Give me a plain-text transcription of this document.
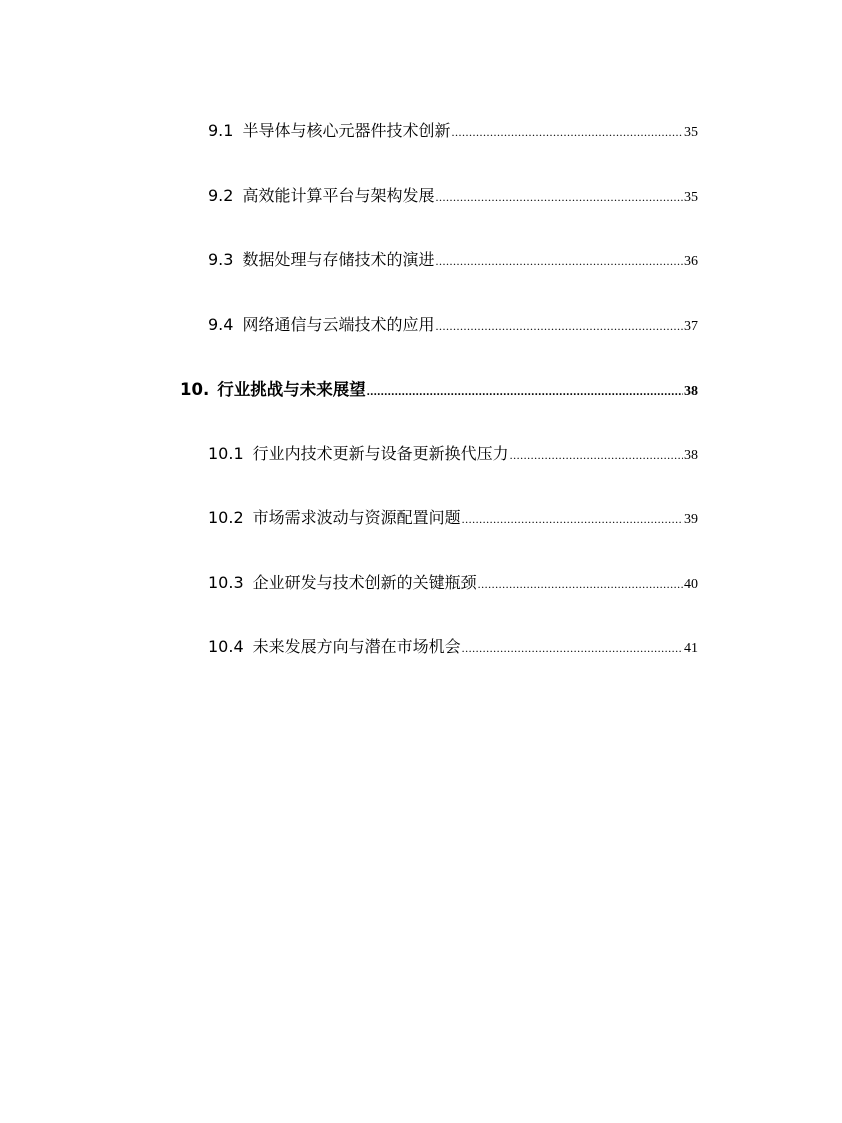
9.1 半导体与核心元器件技术创新 .....	35
9.2 高效能计算平台与架构发展 .....	35
9.3 数据处理与存储技术的演进 .....	36
9.4 网络通信与云端技术的应用 .....	37
10. 行业挑战与未来展望 .....	38
10.1 行业内技术更新与设备更新换代压力 .....	38
10.2 市场需求波动与资源配置问题 .....	39
10.3 企业研发与技术创新的关键瓶颈 .....	40
10.4 未来发展方向与潜在市场机会 .....	41
